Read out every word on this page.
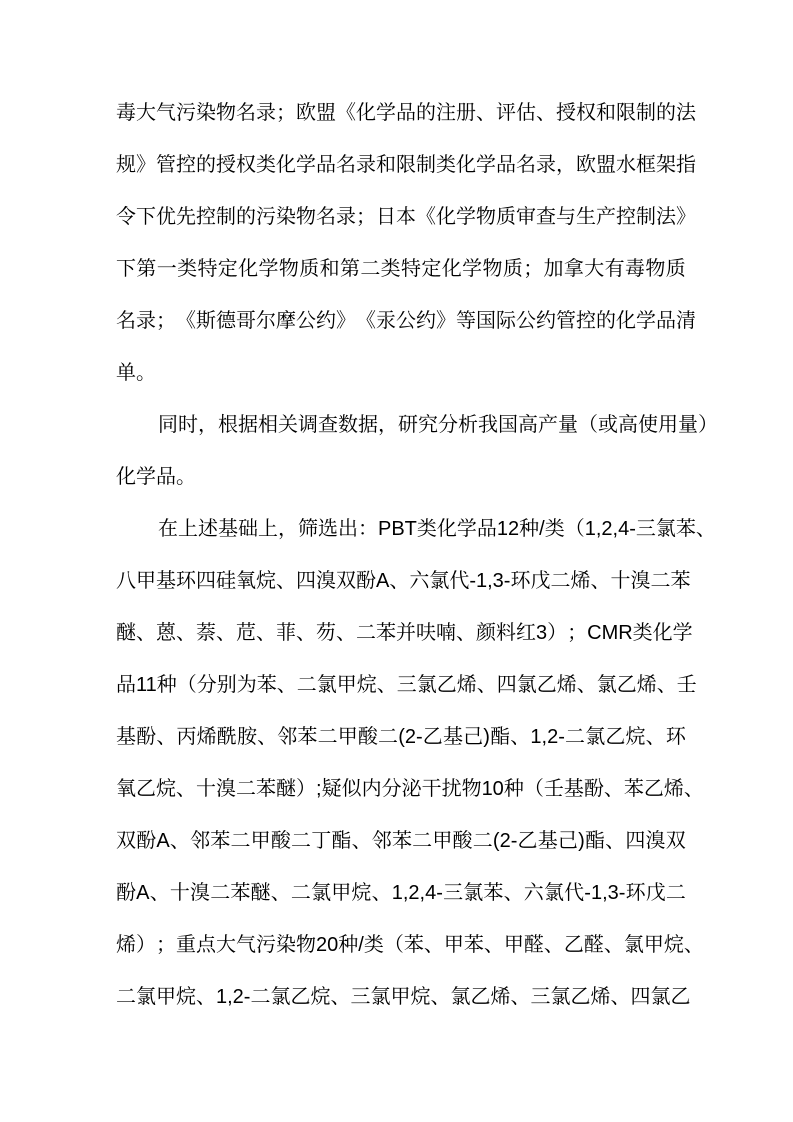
毒 大 气 污 染 物 名 录 ； 欧 盟 《 化 学 品 的 注 册 、 评 估 、 授 权 和 限 制 的 法
规 》 管 控 的 授 权 类 化 学 品 名 录 和 限 制 类 化 学 品 名 录 ， 欧 盟 水 框 架 指
令 下 优 先 控 制 的 污 染 物 名 录 ； 日 本 《 化 学 物 质 审 查 与 生 产 控 制 法 》
下 第 一 类 特 定 化 学 物 质 和 第 二 类 特 定 化 学 物 质 ； 加 拿 大 有 毒 物 质
名 录 ； 《 斯 德 哥 尔 摩 公 约 》 《 汞 公 约 》 等 国 际 公 约 管 控 的 化 学 品 清
单。
同 时 ， 根 据 相 关 调 查 数 据 ， 研 究 分 析 我 国 高 产 量 （ 或 高 使 用 量 ）
化学品。
在 上 述 基 础 上 ， 筛 选 出 ： PBT 类 化 学 品 12 种 / 类 （ 1,2,4- 三 氯 苯 、
八 甲 基 环 四 硅 氧 烷 、 四 溴 双 酚 A 、 六 氯 代 -1,3- 环 戊 二 烯 、 十 溴 二 苯
醚 、 蒽 、 萘 、 苊 、 菲 、 芴 、 二 苯 并 呋 喃 、 颜 料 红 3 ） ； CMR 类 化 学
品 11 种 （ 分 别 为 苯 、 二 氯 甲 烷 、 三 氯 乙 烯 、 四 氯 乙 烯 、 氯 乙 烯 、 壬
基 酚 、 丙 烯 酰 胺 、 邻 苯 二 甲 酸 二 (2- 乙 基 己 ) 酯 、 1,2- 二 氯 乙 烷 、 环
氧 乙 烷 、 十 溴 二 苯 醚 ） ; 疑 似 内 分 泌 干 扰 物 10 种 （ 壬 基 酚 、 苯 乙 烯 、
双 酚 A 、 邻 苯 二 甲 酸 二 丁 酯 、 邻 苯 二 甲 酸 二 (2- 乙 基 己 ) 酯 、 四 溴 双
酚 A 、 十 溴 二 苯 醚 、 二 氯 甲 烷 、 1,2,4- 三 氯 苯 、 六 氯 代 -1,3- 环 戊 二
烯 ） ； 重 点 大 气 污 染 物 20 种 / 类 （ 苯 、 甲 苯 、 甲 醛 、 乙 醛 、 氯 甲 烷 、
二 氯 甲 烷 、 1,2- 二 氯 乙 烷 、 三 氯 甲 烷 、 氯 乙 烯 、 三 氯 乙 烯 、 四 氯 乙
